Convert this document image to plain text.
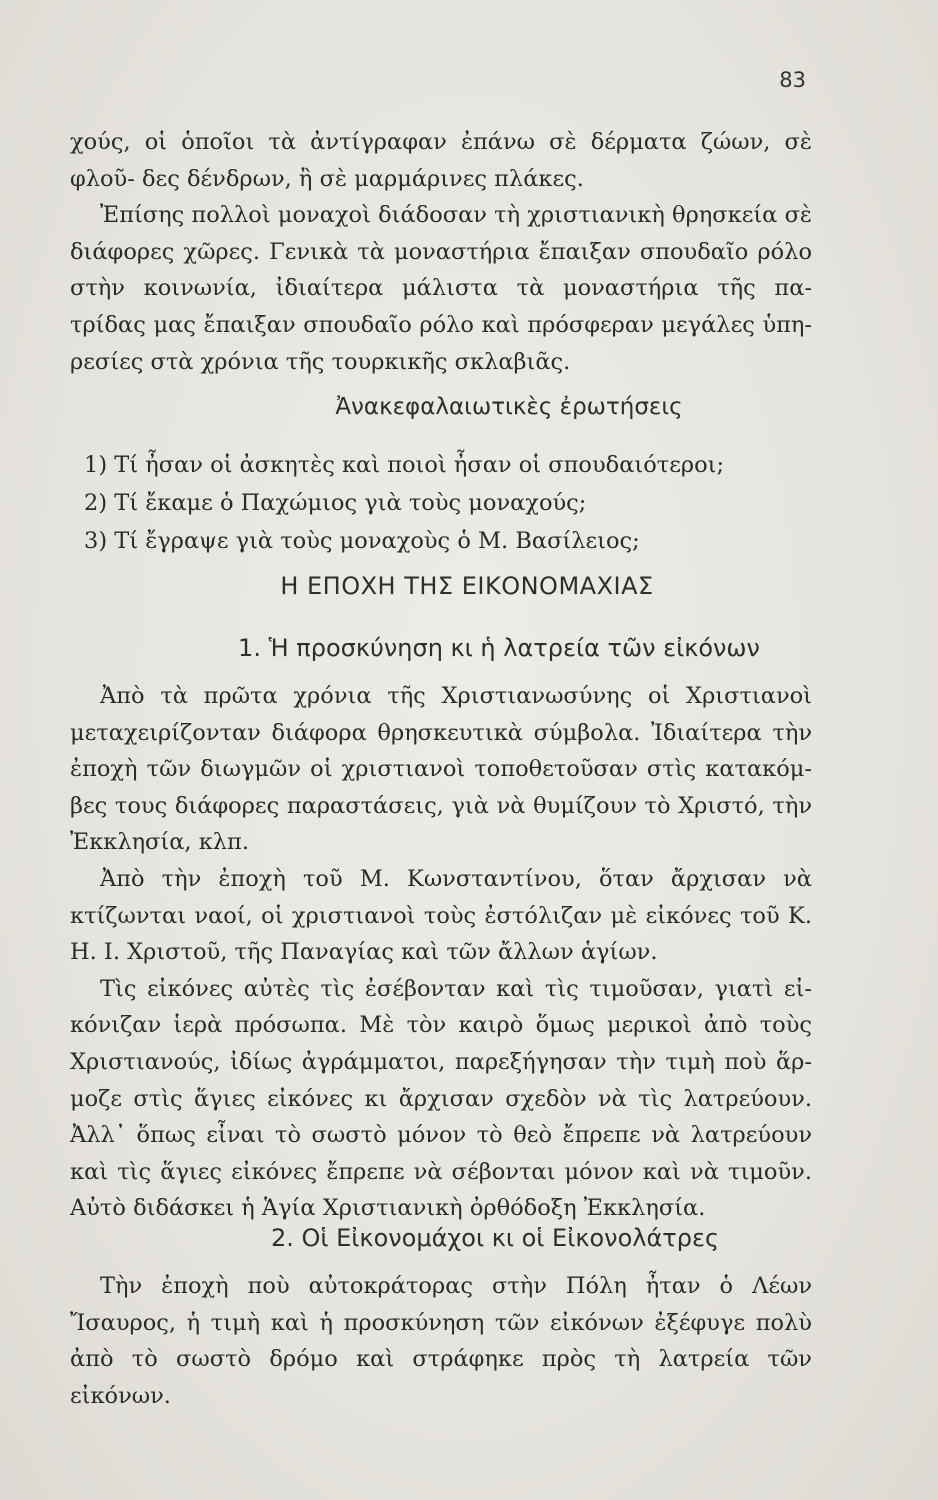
83

χούς, οἱ ὁποῖοι τὰ ἀντίγραφαν ἐπάνω σὲ δέρματα ζώων, σὲ φλοῦ- δες δένδρων, ἢ σὲ μαρμάρινες πλάκες.

Ἐπίσης πολλοὶ μοναχοὶ διάδοσαν τὴ χριστιανικὴ θρησκεία σὲ διάφορες χῶρες. Γενικὰ τὰ μοναστήρια ἔπαιξαν σπουδαῖο ρόλο στὴν κοινωνία, ἰδιαίτερα μάλιστα τὰ μοναστήρια τῆς πα- τρίδας μας ἔπαιξαν σπουδαῖο ρόλο καὶ πρόσφεραν μεγάλες ὑπη- ρεσίες στὰ χρόνια τῆς τουρκικῆς σκλαβιᾶς.

Ἀνακεφαλαιωτικὲς ἐρωτήσεις
1) Τί ἦσαν οἱ ἀσκητὲς καὶ ποιοὶ ἦσαν οἱ σπουδαιότεροι;
2) Τί ἔκαμε ὁ Παχώμιος γιὰ τοὺς μοναχούς;
3) Τί ἔγραψε γιὰ τοὺς μοναχοὺς ὁ Μ. Βασίλειος;
Η ΕΠΟΧΗ ΤΗΣ ΕΙΚΟΝΟΜΑΧΙΑΣ
1. Ἡ προσκύνηση κι ἡ λατρεία τῶν εἰκόνων

Ἀπὸ τὰ πρῶτα χρόνια τῆς Χριστιανωσύνης οἱ Χριστιανοὶ μεταχειρίζονταν διάφορα θρησκευτικὰ σύμβολα. Ἰδιαίτερα τὴν ἐποχὴ τῶν διωγμῶν οἱ χριστιανοὶ τοποθετοῦσαν στὶς κατακόμ- βες τους διάφορες παραστάσεις, γιὰ νὰ θυμίζουν τὸ Χριστό, τὴν Ἐκκλησία, κλπ.

Ἀπὸ τὴν ἐποχὴ τοῦ Μ. Κωνσταντίνου, ὅταν ἄρχισαν νὰ κτίζωνται ναοί, οἱ χριστιανοὶ τοὺς ἐστόλιζαν μὲ εἰκόνες τοῦ Κ. Η. Ι. Χριστοῦ, τῆς Παναγίας καὶ τῶν ἄλλων ἁγίων.

Τὶς εἰκόνες αὐτὲς τὶς ἐσέβονταν καὶ τὶς τιμοῦσαν, γιατὶ εἰ- κόνιζαν ἱερὰ πρόσωπα. Μὲ τὸν καιρὸ ὅμως μερικοὶ ἀπὸ τοὺς Χριστιανούς, ἰδίως ἀγράμματοι, παρεξήγησαν τὴν τιμὴ ποὺ ἅρ- μοζε στὶς ἅγιες εἰκόνες κι ἄρχισαν σχεδὸν νὰ τὶς λατρεύουν. Ἀλλ᾿ ὅπως εἶναι τὸ σωστὸ μόνον τὸ θεὸ ἔπρεπε νὰ λατρεύουν καὶ τὶς ἅγιες εἰκόνες ἔπρεπε νὰ σέβονται μόνον καὶ νὰ τιμοῦν. Αὐτὸ διδάσκει ἡ Ἁγία Χριστιανικὴ ὀρθόδοξη Ἐκκλησία.

2. Οἱ Εἰκονομάχοι κι οἱ Εἰκονολάτρες

Τὴν ἐποχὴ ποὺ αὐτοκράτορας στὴν Πόλη ἦταν ὁ Λέων Ἴσαυρος, ἡ τιμὴ καὶ ἡ προσκύνηση τῶν εἰκόνων ἐξέφυγε πολὺ ἀπὸ τὸ σωστὸ δρόμο καὶ στράφηκε πρὸς τὴ λατρεία τῶν εἰκόνων.
